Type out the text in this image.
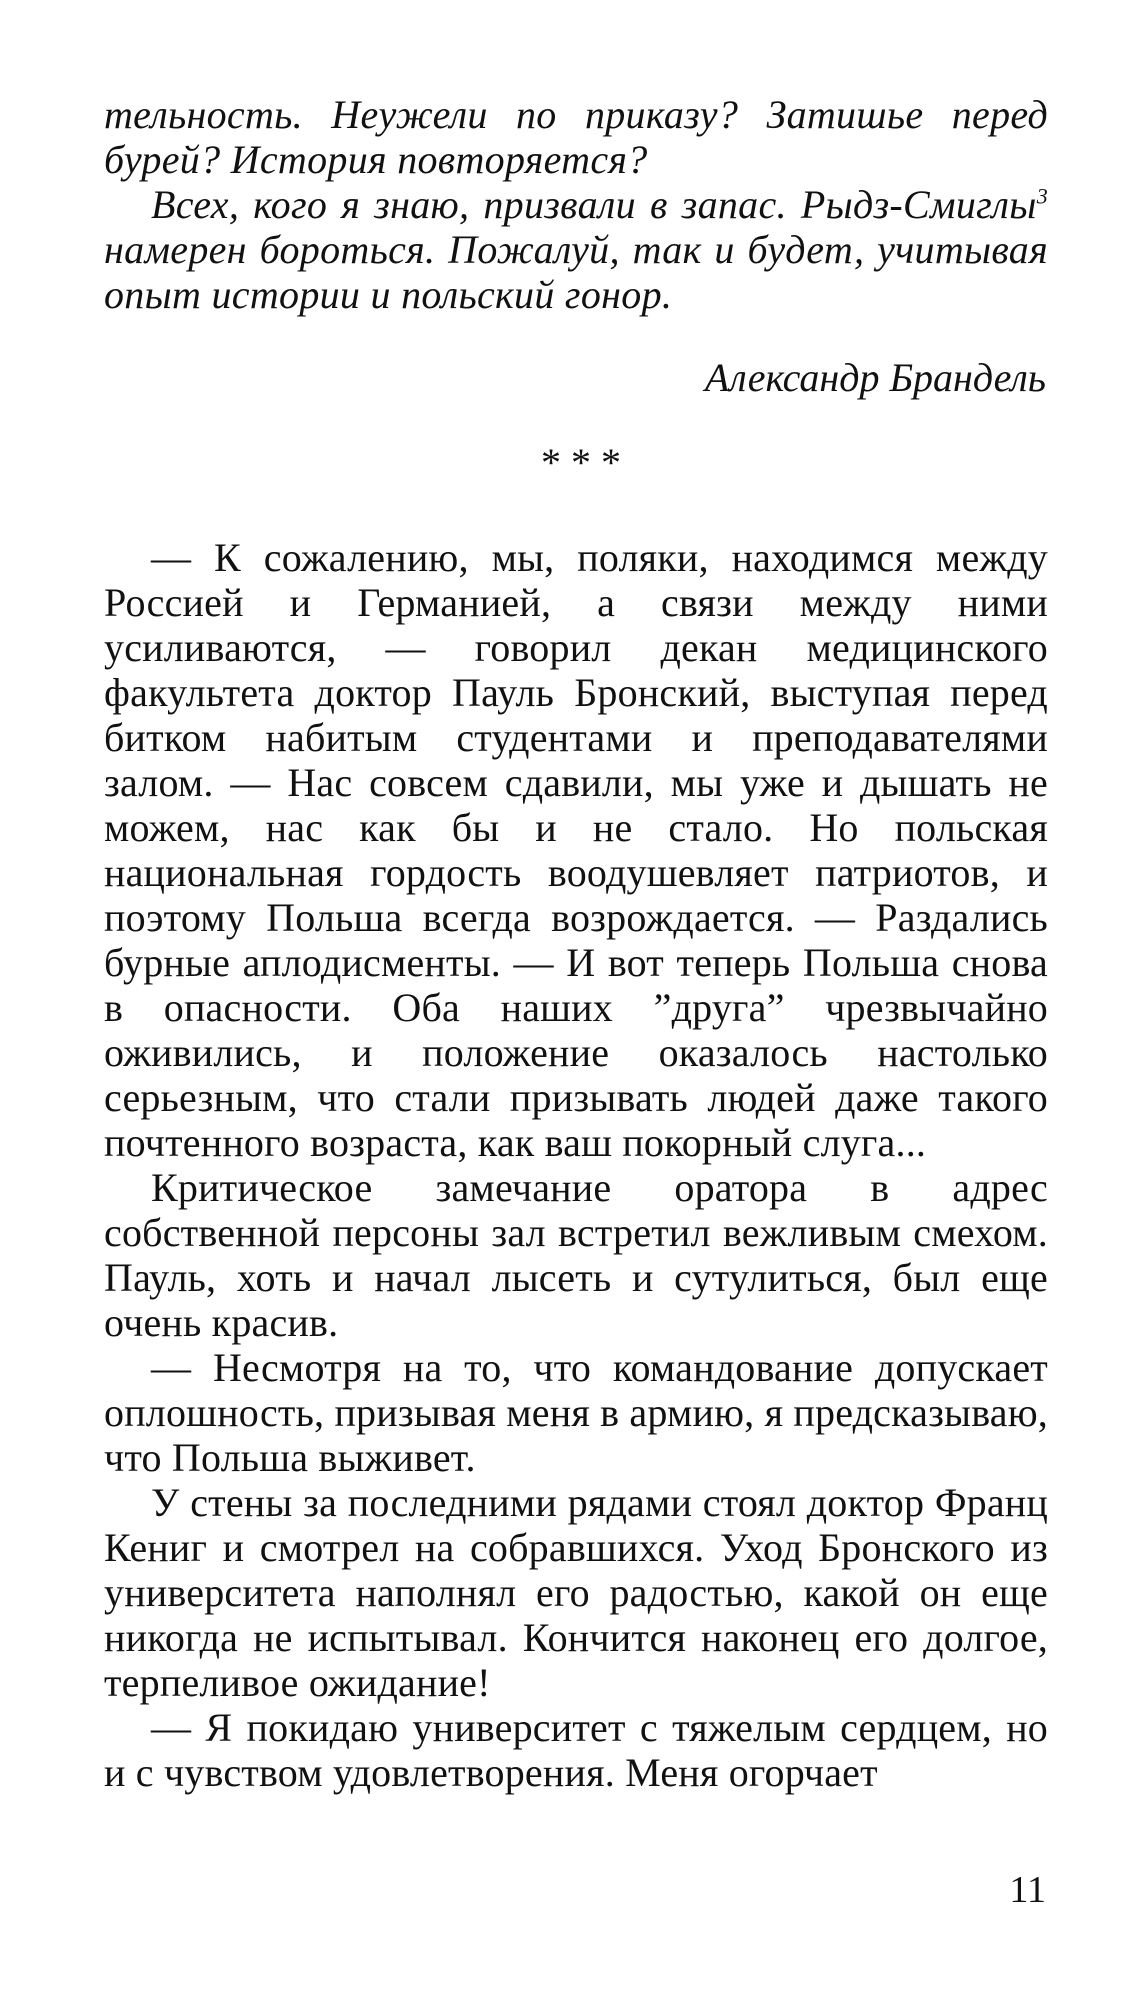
тельность. Неужели по приказу? Затишье перед бурей? История повторяется?

Всех, кого я знаю, призвали в запас. Рыдз-Смиглы$^3$ намерен бороться. Пожалуй, так и будет, учитывая опыт истории и польский гонор.

Александр Брандель

***

— К сожалению, мы, поляки, находимся между Россией и Германией, а связи между ними усиливаются, — говорил декан медицинского факультета доктор Пауль Бронский, выступая перед битком набитым студентами и преподавателями залом. — Нас совсем сдавили, мы уже и дышать не можем, нас как бы и не стало. Но польская национальная гордость воодушевляет патриотов, и поэтому Польша всегда возрождается. — Раздались бурные аплодисменты. — И вот теперь Польша снова в опасности. Оба наших ”друга” чрезвычайно оживились, и положение оказалось настолько серьезным, что стали призывать людей даже такого почтенного возраста, как ваш покорный слуга...

Критическое замечание оратора в адрес собственной персоны зал встретил вежливым смехом. Пауль, хоть и начал лысеть и сутулиться, был еще очень красив.

— Несмотря на то, что командование допускает оплошность, призывая меня в армию, я предсказываю, что Польша выживет.

У стены за последними рядами стоял доктор Франц Кениг и смотрел на собравшихся. Уход Бронского из университета наполнял его радостью, какой он еще никогда не испытывал. Кончится наконец его долгое, терпеливое ожидание!

— Я покидаю университет с тяжелым сердцем, но и с чувством удовлетворения. Меня огорчает

11
